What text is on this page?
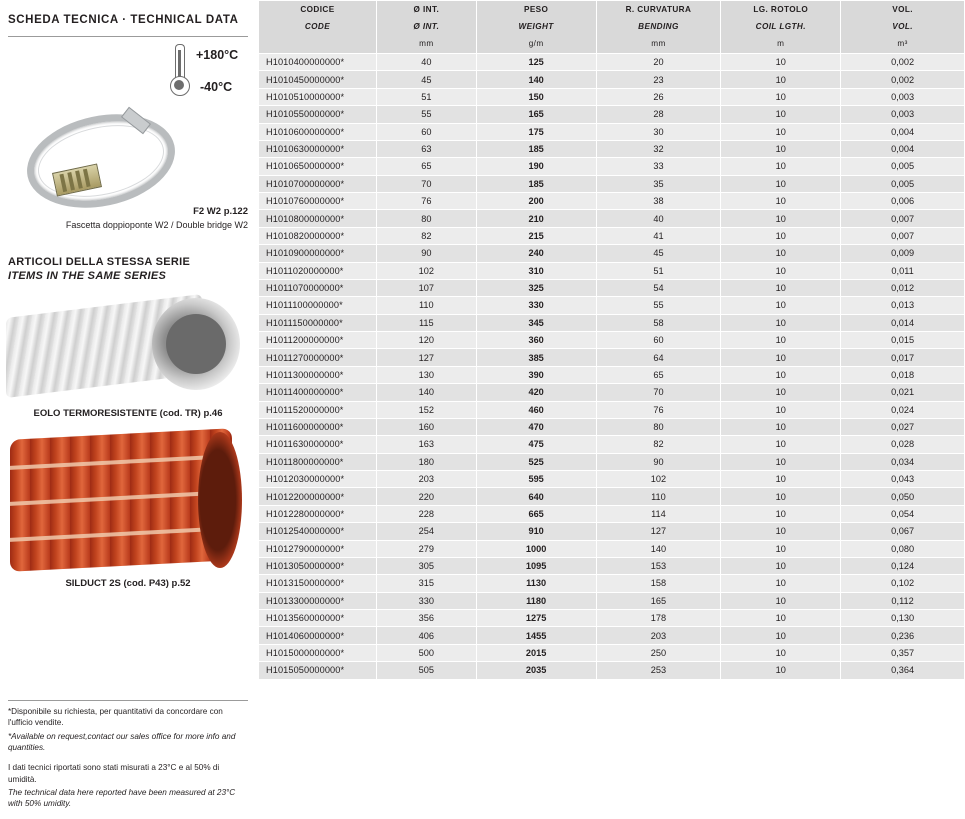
SCHEDA TECNICA · TECHNICAL DATA
+180°C
-40°C
F2 W2 p.122
Fascetta doppioponte W2 / Double bridge W2
ARTICOLI DELLA STESSA SERIE
ITEMS IN THE SAME SERIES
EOLO TERMORESISTENTE (cod. TR) p.46
SILDUCT 2S (cod. P43) p.52

*Disponibile su richiesta, per quantitativi da concordare con l'ufficio vendite.

*Available on request,contact our sales office for more info and quantities.

I dati tecnici riportati sono stati misurati a 23°C e al 50% di umidità.

The technical data here reported have been measured at 23°C with 50% umidity.

CODICE	Ø INT.	PESO	R. CURVATURA	LG. ROTOLO	VOL.
CODE	Ø INT.	WEIGHT	BENDING	COIL LGTH.	VOL.
	mm	g/m	mm	m	m³
H1010400000000*	40	125	20	10	0,002
H1010450000000*	45	140	23	10	0,002
H1010510000000*	51	150	26	10	0,003
H1010550000000*	55	165	28	10	0,003
H1010600000000*	60	175	30	10	0,004
H1010630000000*	63	185	32	10	0,004
H1010650000000*	65	190	33	10	0,005
H1010700000000*	70	185	35	10	0,005
H1010760000000*	76	200	38	10	0,006
H1010800000000*	80	210	40	10	0,007
H1010820000000*	82	215	41	10	0,007
H1010900000000*	90	240	45	10	0,009
H1011020000000*	102	310	51	10	0,011
H1011070000000*	107	325	54	10	0,012
H1011100000000*	110	330	55	10	0,013
H1011150000000*	115	345	58	10	0,014
H1011200000000*	120	360	60	10	0,015
H1011270000000*	127	385	64	10	0,017
H1011300000000*	130	390	65	10	0,018
H1011400000000*	140	420	70	10	0,021
H1011520000000*	152	460	76	10	0,024
H1011600000000*	160	470	80	10	0,027
H1011630000000*	163	475	82	10	0,028
H1011800000000*	180	525	90	10	0,034
H1012030000000*	203	595	102	10	0,043
H1012200000000*	220	640	110	10	0,050
H1012280000000*	228	665	114	10	0,054
H1012540000000*	254	910	127	10	0,067
H1012790000000*	279	1000	140	10	0,080
H1013050000000*	305	1095	153	10	0,124
H1013150000000*	315	1130	158	10	0,102
H1013300000000*	330	1180	165	10	0,112
H1013560000000*	356	1275	178	10	0,130
H1014060000000*	406	1455	203	10	0,236
H1015000000000*	500	2015	250	10	0,357
H1015050000000*	505	2035	253	10	0,364
